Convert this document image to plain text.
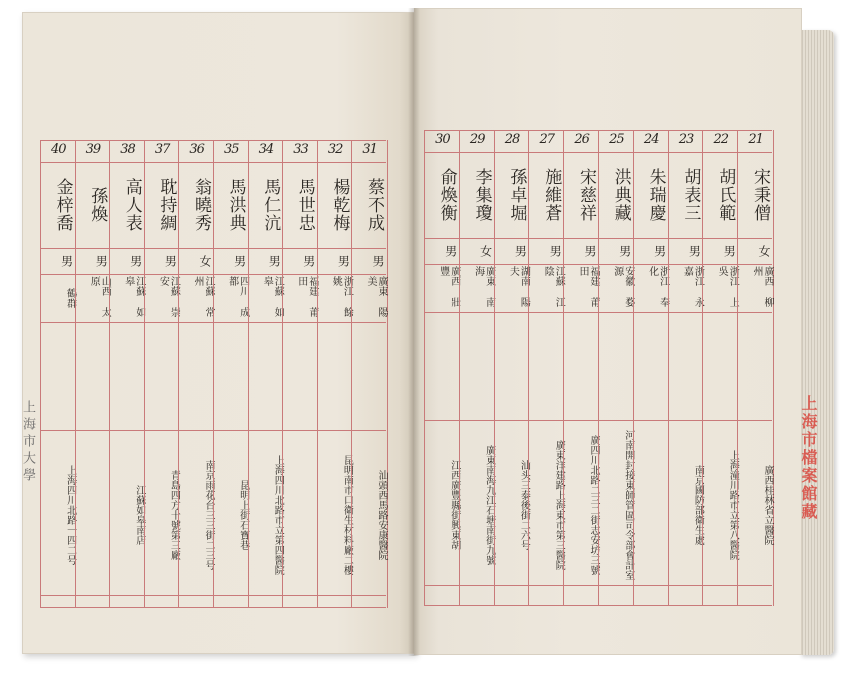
40
金梓喬
男
鶴群
上海四川北路一四二号
39
孫煥
男
山西 太原
38
高人表
男
江蘇 如皋
江蘇如皋南店
37
耽持綢
男
江蘇 崇安
青島四方十號第三廠
36
翁曉秀
女
江蘇 常州
南京雨花台三三街二三号
35
馬洪典
男
四川 成都
昆明上街石寶巷
34
馬仁沆
男
江蘇 如皋
上海四川北路市立第四醫院
33
馬世忠
男
福建 莆田
32
楊乾梅
男
浙江 餘姚
昆明南市口衛生材料廠二樓
31
蔡不成
男
廣東 陽美
汕頭西馬路安康醫院
30
俞煥衡
男
廣西 壯豐
江西廣豐縣街興東胡
29
李集瓊
女
廣東 南海
廣東南海九江石塘南街九號
28
孫卓堀
男
湖南 陽夫
汕头三泰後街二六号
27
施維蒼
男
江蘇 江陰
廣東洋建路上海東市第三醫院
26
宋慈祥
男
福建 莆田
廣四川北路二三二街志安坊三號
25
洪典藏
男
安徽 婺源
河南開封接東師管區司令部會計室
24
朱瑞慶
男
浙江 奉化
23
胡表三
男
浙江 永嘉
南京國防部衛生處
22
胡氏範
男
浙江 上吳
上海潼川路市立第八醫院
21
宋秉僧
女
廣西 柳州
廣西桂林省立醫院
上海市大學	上海市檔案館藏
